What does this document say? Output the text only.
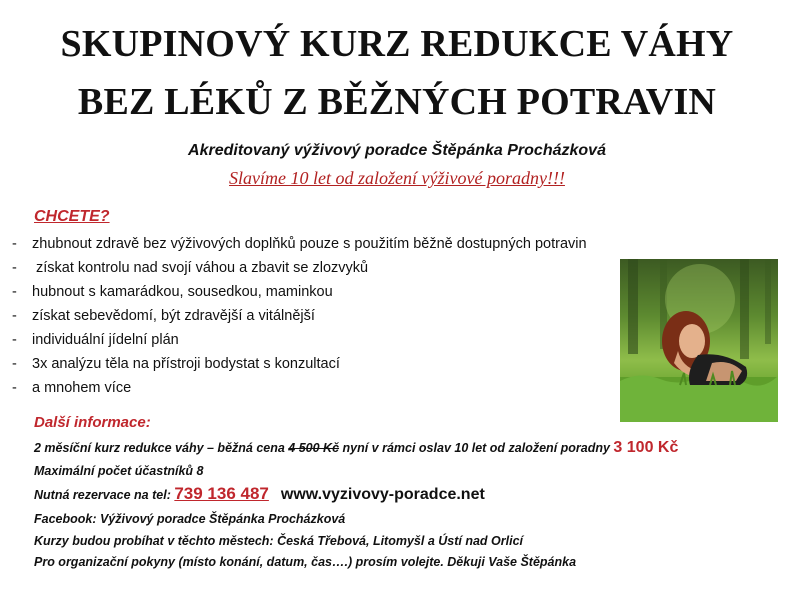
SKUPINOVÝ KURZ REDUKCE VÁHY
BEZ LÉKŮ Z BĚŽNÝCH POTRAVIN
Akreditovaný výživový poradce Štěpánka Procházková
Slavíme 10 let od založení výživové poradny!!!
CHCETE?
- zhubnout zdravě bez výživových doplňků pouze s použitím běžně dostupných potravin
- získat kontrolu nad svojí váhou a zbavit se zlozvyků
- hubnout s kamarádkou, sousedkou, maminkou
- získat sebevědomí, být zdravější a vitálnější
- individuální jídelní plán
- 3x analýzu těla na přístroji bodystat s konzultací
- a mnohem více
Další informace:
2 měsíční kurz redukce váhy – běžná cena 4 500 Kč nyní v rámci oslav 10 let od založení poradny 3 100 Kč
Maximální počet účastníků 8
Nutná rezervace na tel: 739 136 487 www.vyzivovy-poradce.net
Facebook: Výživový poradce Štěpánka Procházková
Kurzy budou probíhat v těchto městech: Česká Třebová, Litomyšl a Ústí nad Orlicí
Pro organizační pokyny (místo konání, datum, čas….) prosím volejte. Děkuji Vaše Štěpánka
